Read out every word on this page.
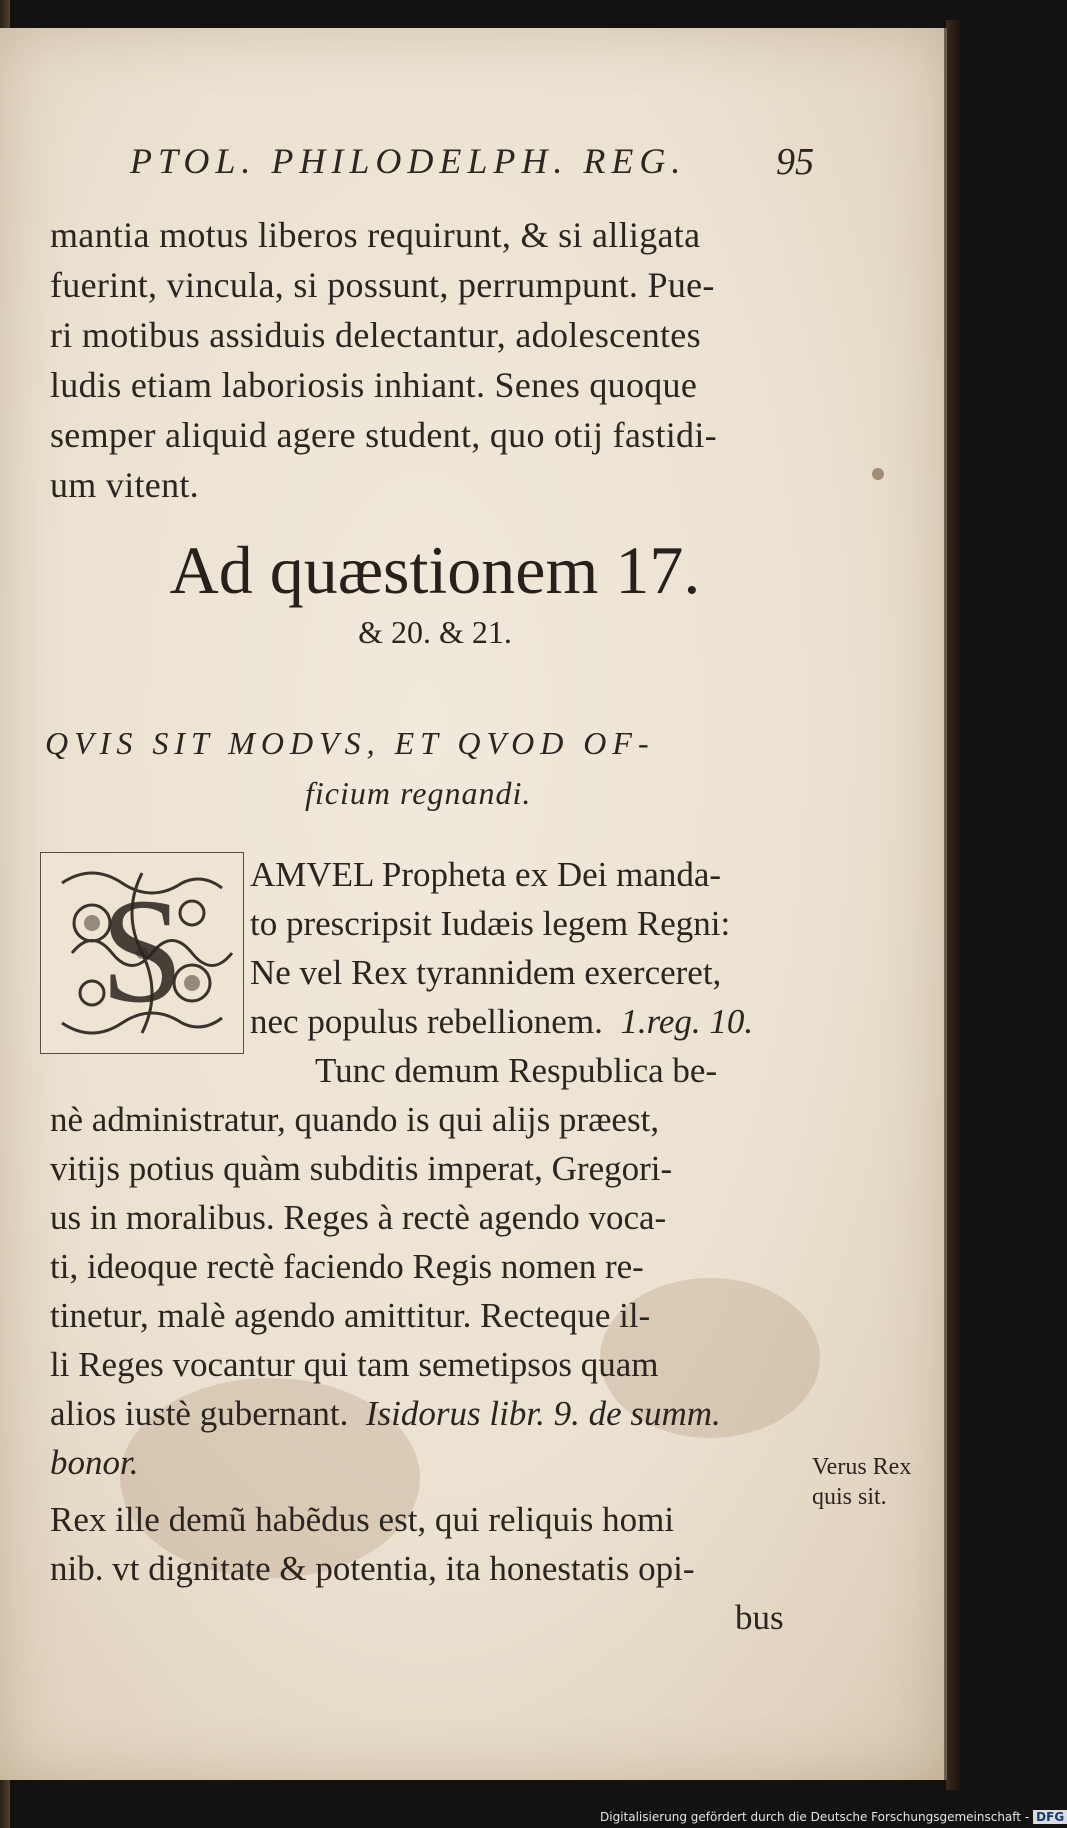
PTOL. PHILODELPH. REG. 95
mantia motus liberos requirunt, & si alligata
fuerint, vincula, si possunt, perrumpunt. Pue-
ri motibus assiduis delectantur, adolescentes
ludis etiam laboriosis inhiant. Senes quoque
semper aliquid agere student, quo otij fastidi-
um vitent.
Ad quæstionem 17.
& 20. & 21.
QVIS SIT MODVS, ET QVOD OF-
ficium regnandi.
S	AMVEL Propheta ex Dei manda-
to prescripsit Iudæis legem Regni:
Ne vel Rex tyrannidem exerceret,
nec populus rebellionem. 1.reg. 10.
Tunc demum Respublica be-
nè administratur, quando is qui alijs præest,
vitijs potius quàm subditis imperat, Gregori-
us in moralibus. Reges à rectè agendo voca-
ti, ideoque rectè faciendo Regis nomen re-
tinetur, malè agendo amittitur. Recteque il-
li Reges vocantur qui tam semetipsos quam
alios iustè gubernant. Isidorus libr. 9. de summ.
bonor.
Rex ille demũ habẽdus est, qui reliquis homi
nib. vt dignitate & potentia, ita honestatis opi-
bus
Verus Rex
quis sit.
Digitalisierung gefördert durch die Deutsche Forschungsgemeinschaft - DFG
